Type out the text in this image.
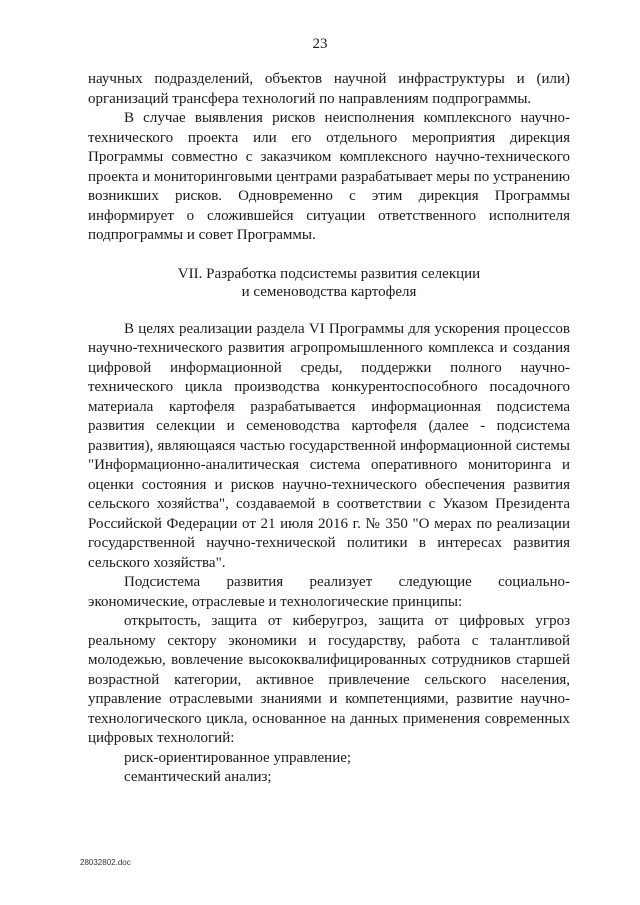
23

научных подразделений, объектов научной инфраструктуры и (или) организаций трансфера технологий по направлениям подпрограммы.

В случае выявления рисков неисполнения комплексного научно-технического проекта или его отдельного мероприятия дирекция Программы совместно с заказчиком комплексного научно-технического проекта и мониторинговыми центрами разрабатывает меры по устранению возникших рисков. Одновременно с этим дирекция Программы информирует о сложившейся ситуации ответственного исполнителя подпрограммы и совет Программы.

VII. Разработка подсистемы развития селекции
и семеноводства картофеля

В целях реализации раздела VI Программы для ускорения процессов научно-технического развития агропромышленного комплекса и создания цифровой информационной среды, поддержки полного научно-технического цикла производства конкурентоспособного посадочного материала картофеля разрабатывается информационная подсистема развития селекции и семеноводства картофеля (далее - подсистема развития), являющаяся частью государственной информационной системы "Информационно-аналитическая система оперативного мониторинга и оценки состояния и рисков научно-технического обеспечения развития сельского хозяйства", создаваемой в соответствии с Указом Президента Российской Федерации от 21 июля 2016 г. № 350 "О мерах по реализации государственной научно-технической политики в интересах развития сельского хозяйства".

Подсистема развития реализует следующие социально-экономические, отраслевые и технологические принципы:

открытость, защита от киберугроз, защита от цифровых угроз реальному сектору экономики и государству, работа с талантливой молодежью, вовлечение высококвалифицированных сотрудников старшей возрастной категории, активное привлечение сельского населения, управление отраслевыми знаниями и компетенциями, развитие научно-технологического цикла, основанное на данных применения современных цифровых технологий:

риск-ориентированное управление;

семантический анализ;

28032802.doc
